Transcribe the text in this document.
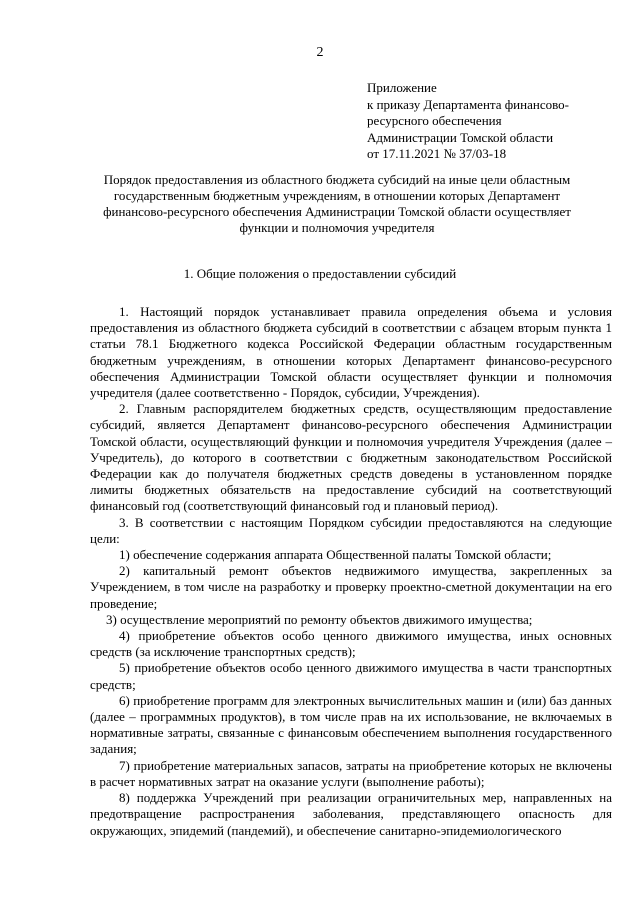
2
Приложение
к приказу Департамента финансово-
ресурсного обеспечения
Администрации Томской области
от 17.11.2021 № 37/03-18
Порядок предоставления из областного бюджета субсидий на иные цели областным
государственным бюджетным учреждениям, в отношении которых Департамент
финансово-ресурсного обеспечения Администрации Томской области осуществляет
функции и полномочия учредителя
1. Общие положения о предоставлении субсидий

1. Настоящий порядок устанавливает правила определения объема и условия предоставления из областного бюджета субсидий в соответствии с абзацем вторым пункта 1 статьи 78.1 Бюджетного кодекса Российской Федерации областным государственным бюджетным учреждениям, в отношении которых Департамент финансово-ресурсного обеспечения Администрации Томской области осуществляет функции и полномочия учредителя (далее соответственно - Порядок, субсидии, Учреждения).

2. Главным распорядителем бюджетных средств, осуществляющим предоставление субсидий, является Департамент финансово-ресурсного обеспечения Администрации Томской области, осуществляющий функции и полномочия учредителя Учреждения (далее – Учредитель), до которого в соответствии с бюджетным законодательством Российской Федерации как до получателя бюджетных средств доведены в установленном порядке лимиты бюджетных обязательств на предоставление субсидий на соответствующий финансовый год (соответствующий финансовый год и плановый период).

3. В соответствии с настоящим Порядком субсидии предоставляются на следующие цели:

1) обеспечение содержания аппарата Общественной палаты Томской области;

2) капитальный ремонт объектов недвижимого имущества, закрепленных за Учреждением, в том числе на разработку и проверку проектно-сметной документации на его проведение;

3) осуществление мероприятий по ремонту объектов движимого имущества;

4) приобретение объектов особо ценного движимого имущества, иных основных средств (за исключение транспортных средств);

5) приобретение объектов особо ценного движимого имущества в части транспортных средств;

6) приобретение программ для электронных вычислительных машин и (или) баз данных (далее – программных продуктов), в том числе прав на их использование, не включаемых в нормативные затраты, связанные с финансовым обеспечением выполнения государственного задания;

7) приобретение материальных запасов, затраты на приобретение которых не включены в расчет нормативных затрат на оказание услуги (выполнение работы);

8) поддержка Учреждений при реализации ограничительных мер, направленных на предотвращение распространения заболевания, представляющего опасность для окружающих, эпидемий (пандемий), и обеспечение санитарно-эпидемиологического
